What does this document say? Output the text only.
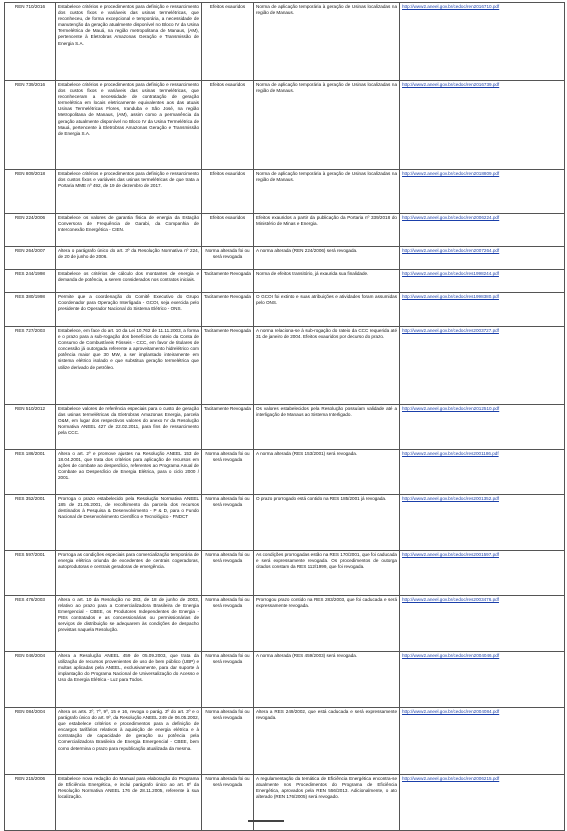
REN 710/2016	Estabelece critérios e procedimentos para definição e ressarcimento dos custos fixos e variáveis das usinas termelétricas, que reconheceu, de forma excepcional e temporária, a necessidade de manutenção da geração atualmente disponível no Bloco IV da Usina Termelétrica de Mauá, na região metropolitana de Manaus, (AM), pertencente à Eletrobras Amazonas Geração e Transmissão de Energia S.A.	Efeitos exauridos	Norma de aplicação temporária à geração de Usinas localizadas na região de Manaus.	http://www2.aneel.gov.br/cedoc/ren2016710.pdf
REN 739/2016	Estabelece critérios e procedimentos para definição e ressarcimento dos custos fixos e variáveis das usinas termelétricas, que reconheceram a necessidade de contratação de geração termelétrica em locais eletricamente equivalentes aos das atuais Usinas Termelétricas Flores, Iranduba e São José, na região Metropolitana de Manaus, (AM), assim como a permanência da geração atualmente disponível no Bloco IV da Usina Termelétrica de Mauá, pertencente à Eletrobras Amazonas Geração e Transmissão de Energia S.A.	Efeitos exauridos	Norma de aplicação temporária à geração de Usinas localizadas na região de Manaus.	http://www2.aneel.gov.br/cedoc/ren2016739.pdf
REN 809/2018	Estabelece critérios e procedimentos para definição e ressarcimento dos custos fixos e variáveis das usinas termelétricas de que trata a Portaria MME nº 492, de 19 de dezembro de 2017.	Efeitos exauridos	Norma de aplicação temporária à geração de Usinas localizadas na região de Manaus.	http://www2.aneel.gov.br/cedoc/ren2018809.pdf
REN 224/2006	Estabelece os valores de garantia física de energia da Estação Conversora de Frequência de Garabi, da Companhia de Interconexão Energética - CIEN.	Efeitos exauridos	Efeitos exauridos a partir da publicação da Portaria nº 339/2018 do Ministério de Minas e Energia.	http://www2.aneel.gov.br/cedoc/ren2006224.pdf
REN 264/2007	Altera o parágrafo único do art. 3º da Resolução Normativa nº 224, de 20 de junho de 2006.	Norma alterada foi ou será revogada	A norma alterada (REN 224/2006) será revogada.	http://www2.aneel.gov.br/cedoc/ren2007264.pdf
RES 244/1998	Estabelece os critérios de cálculo dos montantes de energia e demanda de potência, a serem considerados nos contratos iniciais.	Tacitamente Revogada	Norma de efeitos transitório, já exaurida sua finalidade.	http://www2.aneel.gov.br/cedoc/res1998244.pdf
RES 380/1998	Permite que a coordenação do Comitê Executivo do Grupo Coordenador para Operação Interligada - GCOI, seja exercida pelo presidente do Operador Nacional do Sistema Elétrico - ONS.	Tacitamente Revogada	O GCOI foi extinto e suas atribuições e atividades foram assumidas pelo ONS.	http://www2.aneel.gov.br/cedoc/res1998380.pdf
RES 727/2003	Estabelece, em face do art. 10 da Lei 10.762 de 11.11.2003, a forma e o prazo para a sub-rogação dos benefícios do rateio da Conta de Consumo de Combustíveis Fósseis - CCC, em favor de titulares de concessão já outorgada referente a aproveitamento hidrelétrico com potência maior que 30 MW, a ser implantado inteiramente em sistema elétrico isolado e que substitua geração termelétrica que utilize derivado de petróleo.	Tacitamente Revogada	A norma relaciona-se à sub-rogação do rateio da CCC requerida até 31 de janeiro de 2004. Efeitos exauridos por decurso do prazo.	http://www2.aneel.gov.br/cedoc/res2003727.pdf
REN 510/2012	Estabelece valores de referência especiais para o custo de geração das usinas termelétricas da Eletrobras Amazonas Energia, parcela O&M, em lugar dos respectivos valores do anexo IV da Resolução Normativa ANEEL 427 de 22.02.2011, para fins de ressarcimento pela CCC.	Tacitamente Revogada	Os valores estabelecidos pela Resolução possuíam validade até a interligação de Manaus ao Sistema Interligado.	http://www2.aneel.gov.br/cedoc/ren2012510.pdf
RES 186/2001	Altera o art. 2º e promove ajustes na Resolução ANEEL 153 de 18.04.2001, que trata dos critérios para aplicação de recursos em ações de combate ao desperdício, referentes ao Programa Anual de Combate ao Desperdício de Energia Elétrica, para o ciclo 2000 / 2001.	Norma alterada foi ou será revogada	A norma alterada (RES 153/2001) será revogada.	http://www2.aneel.gov.br/cedoc/res2001186.pdf
RES 352/2001	Prorroga o prazo estabelecido pela Resolução Normativa ANEEL 185 de 21.05.2001, de recolhimento da parcela dos recursos destinados à Pesquisa & Desenvolvimento - P & D, para o Fundo Nacional de Desenvolvimento Científico e Tecnológico - FNDCT	Norma alterada foi ou será revogada	O prazo prorrogado está contido na RES 185/2001 já revogada.	http://www2.aneel.gov.br/cedoc/res2001352.pdf
RES 597/2001	Prorroga as condições especiais para comercialização temporária de energia elétrica oriunda de excedentes de centrais cogeradoras, autoprodutoras e centrais geradoras de emergência.	Norma alterada foi ou será revogada	As condições prorrogadas estão na RES 170/2001, que foi caducada e será expressamente revogada. Os procedimentos de outorga citados constam da RES 112/1999, que foi revogada.	http://www2.aneel.gov.br/cedoc/res2001597.pdf
RES 476/2003	Altera o art. 10 da Resolução no 283, de 18 de junho de 2003, relativo ao prazo para a Comercializadora Brasileira de Energia Emergencial - CBEE, os Produtores Independentes de Energia - PIEs contratados e as concessionárias ou permissionárias de serviços de distribuição se adequarem às condições de despacho previstas naquela Resolução.	Norma alterada foi ou será revogada	Prorrogou prazo contido na RES 283/2003, que foi caducada e será expressamente revogada.	http://www2.aneel.gov.br/cedoc/res2003476.pdf
REN 046/2004	Altera a Resolução ANEEL 459 de 05.09.2003, que trata da utilização de recursos provenientes de uso de bem público (UBP) e multas aplicadas pela ANEEL, exclusivamente, para dar suporte à implantação do Programa Nacional de Universalização do Acesso e Uso da Energia Elétrica - Luz para Todos.	Norma alterada foi ou será revogada	A norma alterada (RES 459/2003) será revogada.	http://www2.aneel.gov.br/cedoc/ren2004046.pdf
REN 084/2004	Altera os arts. 3º, 7º, 9º, 15 e 16, revoga o parág. 3º do art. 3º e o parágrafo único do art. 9º, da Resolução ANEEL 249 de 06.05.2002, que estabelece critérios e procedimentos para a definição de encargos tarifários relativos à aquisição de energia elétrica e à contratação de capacidade de geração ou potência pela Comercializadora Brasileira de Energia Emergencial - CBEE, bem como determina o prazo para republicação atualizada da mesma.	Norma alterada foi ou será revogada	Altera a RES 249/2002, que está caducada e será expressamente revogada.	http://www2.aneel.gov.br/cedoc/ren2004084.pdf
REN 215/2006	Estabelece nova redação do Manual para elaboração do Programa de Eficiência Energética, e inclui parágrafo único ao art. 8º da Resolução Normativa ANEEL 176 de 28.11.2005, referente à sua localização.	Norma alterada foi ou será revogada	A regulamentação da temática de Eficiência Energética encontra-se atualmente nos Procedimentos do Programa de Eficiência Energética, aprovados pela REN 556/2013. Adicionalmente, o ato alterado (REN 176/2005) será revogado.	http://www2.aneel.gov.br/cedoc/ren2006215.pdf
